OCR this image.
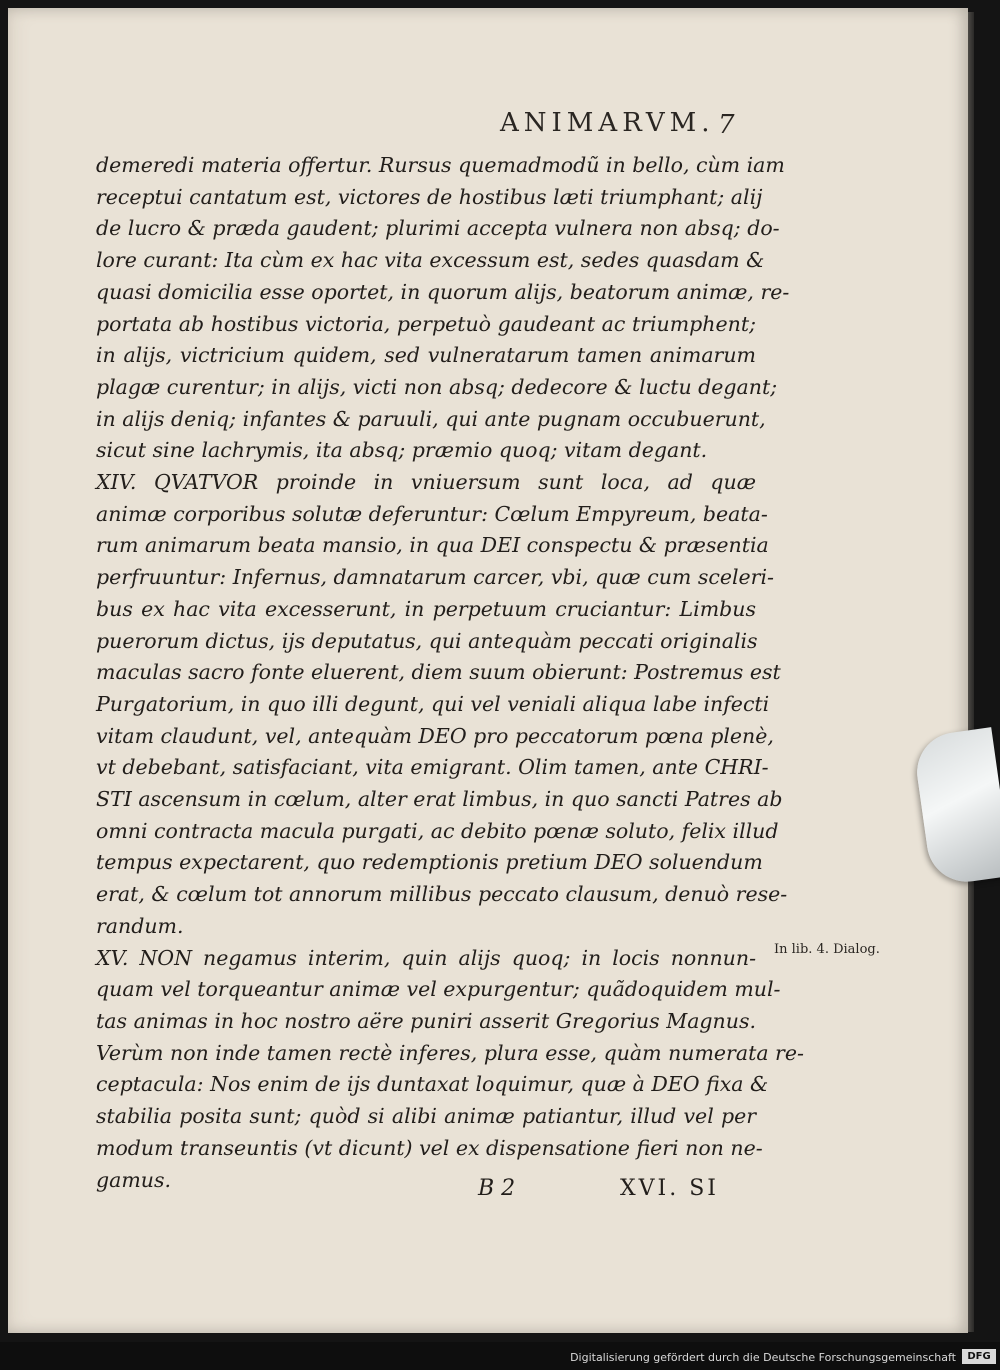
ANIMARVM. 7
demeredi materia offertur. Rursus quemadmodũ in bello, cùm iam
receptui cantatum est, victores de hostibus læti triumphant; alij
de lucro & præda gaudent; plurimi accepta vulnera non absq; do-
lore curant: Ita cùm ex hac vita excessum est, sedes quasdam &
quasi domicilia esse oportet, in quorum alijs, beatorum animæ, re-
portata ab hostibus victoria, perpetuò gaudeant ac triumphent;
in alijs, victricium quidem, sed vulneratarum tamen animarum
plagæ curentur; in alijs, victi non absq; dedecore & luctu degant;
in alijs deniq; infantes & paruuli, qui ante pugnam occubuerunt,
sicut sine lachrymis, ita absq; præmio quoq; vitam degant.
XIV. QVATVOR proinde in vniuersum sunt loca, ad quæ
animæ corporibus solutæ deferuntur: Cœlum Empyreum, beata-
rum animarum beata mansio, in qua DEI conspectu & præsentia
perfruuntur: Infernus, damnatarum carcer, vbi, quæ cum sceleri-
bus ex hac vita excesserunt, in perpetuum cruciantur: Limbus
puerorum dictus, ijs deputatus, qui antequàm peccati originalis
maculas sacro fonte eluerent, diem suum obierunt: Postremus est
Purgatorium, in quo illi degunt, qui vel veniali aliqua labe infecti
vitam claudunt, vel, antequàm DEO pro peccatorum pœna plenè,
vt debebant, satisfaciant, vita emigrant. Olim tamen, ante CHRI-
STI ascensum in cœlum, alter erat limbus, in quo sancti Patres ab
omni contracta macula purgati, ac debito pœnæ soluto, felix illud
tempus expectarent, quo redemptionis pretium DEO soluendum
erat, & cœlum tot annorum millibus peccato clausum, denuò rese-
randum.
XV. NON negamus interim, quin alijs quoq; in locis nonnun-
quam vel torqueantur animæ vel expurgentur; quãdoquidem mul-
tas animas in hoc nostro aëre puniri asserit Gregorius Magnus.
Verùm non inde tamen rectè inferes, plura esse, quàm numerata re-
ceptacula: Nos enim de ijs duntaxat loquimur, quæ à DEO fixa &
stabilia posita sunt; quòd si alibi animæ patiantur, illud vel per
modum transeuntis (vt dicunt) vel ex dispensatione fieri non ne-
gamus.
In lib. 4. Dialog.
B 2	XVI. SI
Digitalisierung gefördert durch die Deutsche Forschungsgemeinschaft	DFG
